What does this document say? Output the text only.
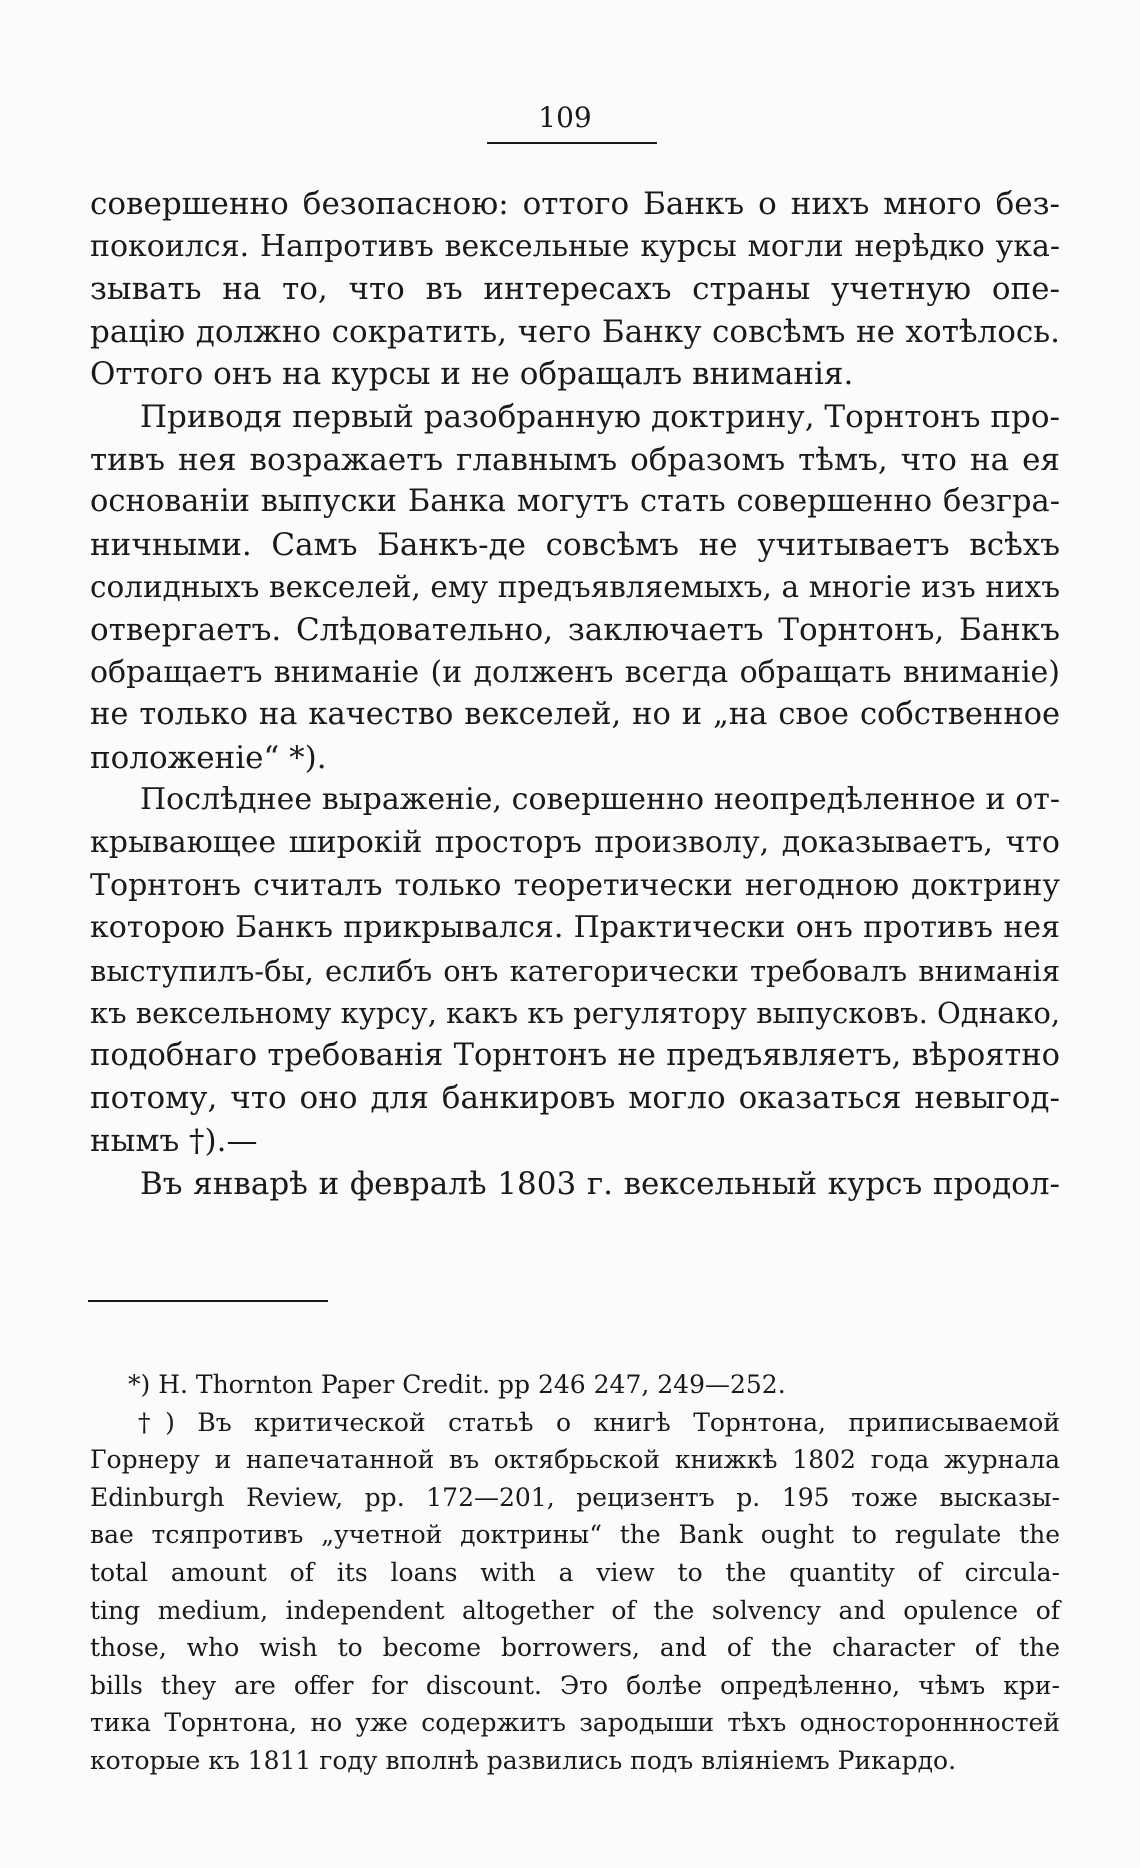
109
совершенно безопасною: оттого Банкъ о нихъ много без-
покоился. Напротивъ вексельные курсы могли нерѣдко ука-
зывать на то, что въ интересахъ страны учетную опе-
рацію должно сократить, чего Банку совсѣмъ не хотѣлось.
Оттого онъ на курсы и не обращалъ вниманія.
Приводя первый разобранную доктрину, Торнтонъ про-
тивъ нея возражаетъ главнымъ образомъ тѣмъ, что на ея
основаніи выпуски Банка могутъ стать совершенно безгра-
ничными. Самъ Банкъ-де совсѣмъ не учитываетъ всѣхъ
солидныхъ векселей, ему предъявляемыхъ, а многіе изъ нихъ
отвергаетъ. Слѣдовательно, заключаетъ Торнтонъ, Банкъ
обращаетъ вниманіе (и долженъ всегда обращать вниманіе)
не только на качество векселей, но и „на свое собственное
положеніе“ *).
Послѣднее выраженіе, совершенно неопредѣленное и от-
крывающее широкій просторъ произволу, доказываетъ, что
Торнтонъ считалъ только теоретически негодною доктрину
которою Банкъ прикрывался. Практически онъ противъ нея
выступилъ-бы, еслибъ онъ категорически требовалъ вниманія
къ вексельному курсу, какъ къ регулятору выпусковъ. Однако,
подобнаго требованія Торнтонъ не предъявляетъ, вѣроятно
потому, что оно для банкировъ могло оказаться невыгод-
нымъ †).—
Въ январѣ и февралѣ 1803 г. вексельный курсъ продол-
*) H. Thornton Paper Credit. pp 246 247, 249—252.
†) Въ критической статьѣ о книгѣ Торнтона, приписываемой
Горнеру и напечатанной въ октябрьской книжкѣ 1802 года журнала
Edinburgh Review, pp. 172—201, рецизентъ р. 195 тоже высказы-
вае тсяпротивъ „учетной доктрины“ the Bank ought to regulate the
total amount of its loans with a view to the quantity of circula-
ting medium, independent altogether of the solvency and opulence of
those, who wish to become borrowers, and of the character of the
bills they are offer for discount. Это болѣе опредѣленно, чѣмъ кри-
тика Торнтона, но уже содержитъ зародыши тѣхъ одностороннностей
которые къ 1811 году вполнѣ развились подъ вліяніемъ Рикардо.
